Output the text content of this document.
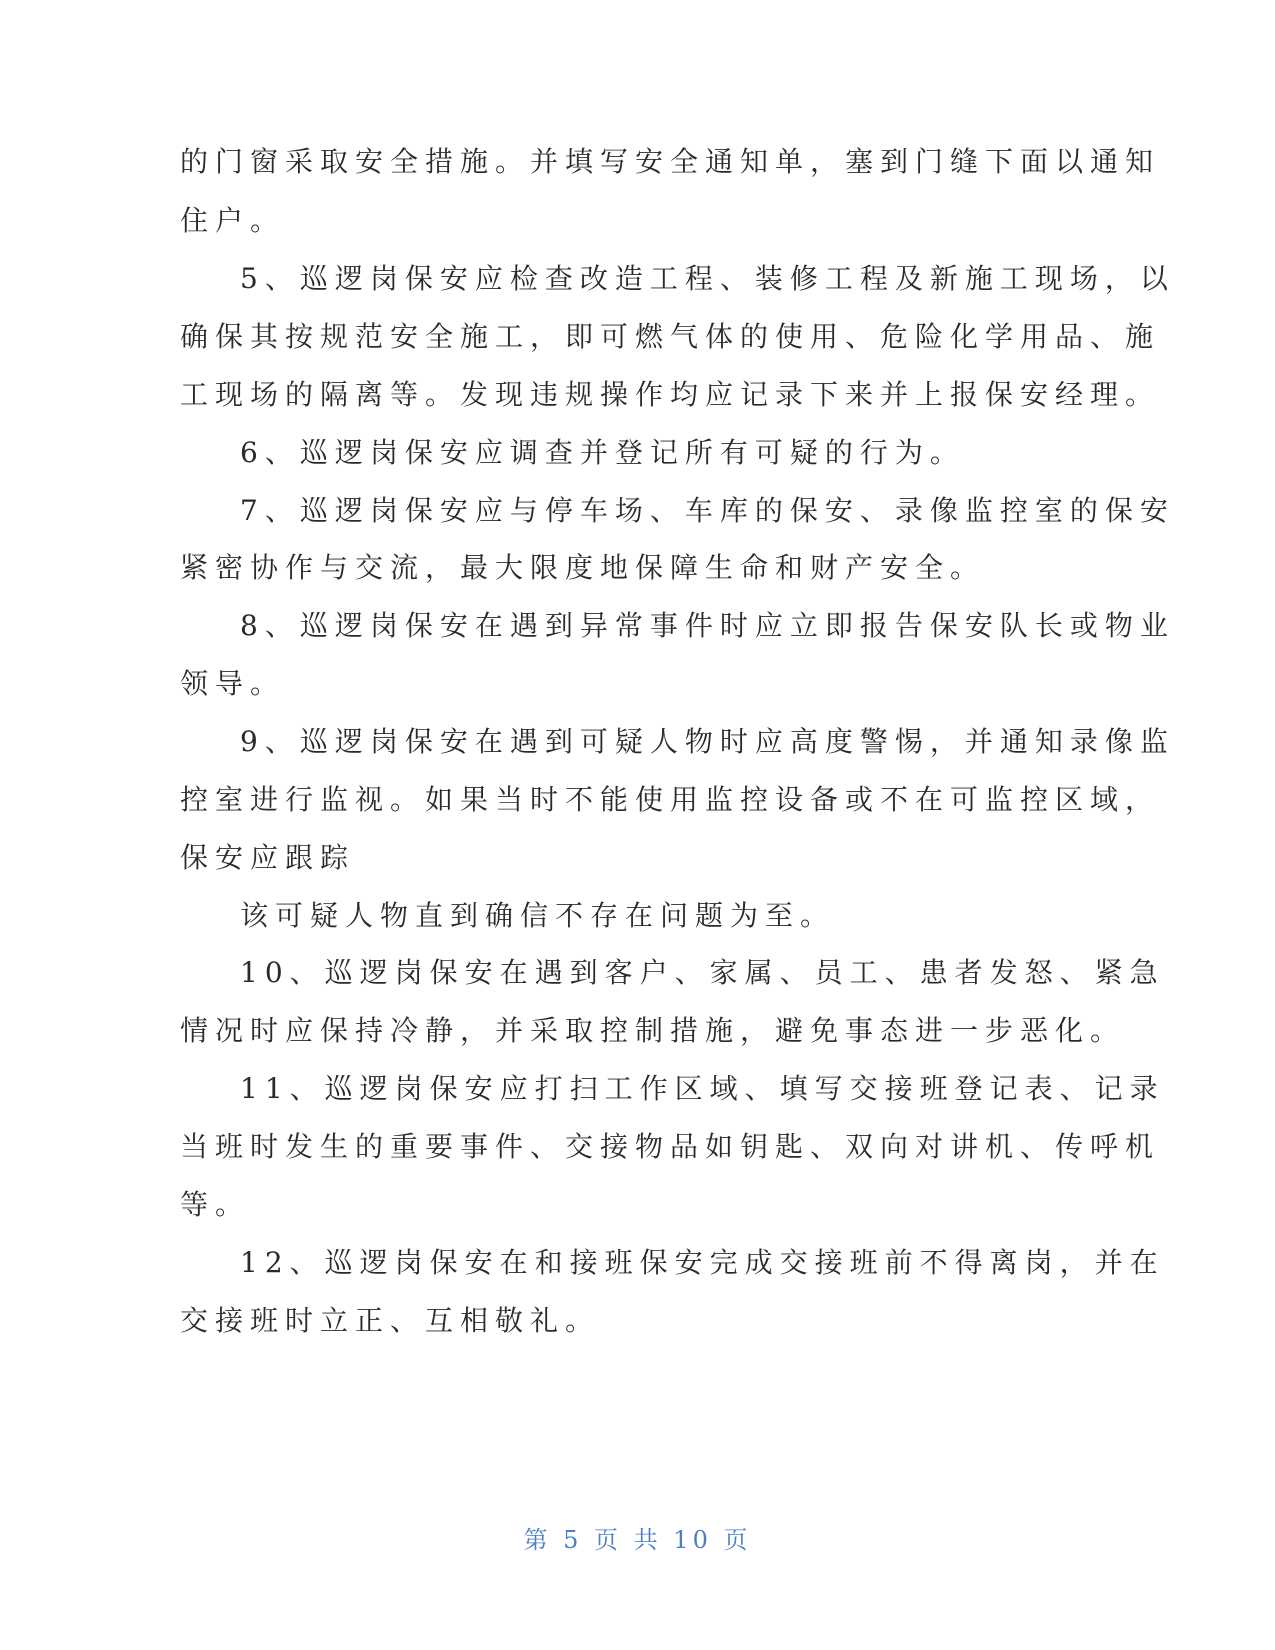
的门窗采取安全措施。并填写安全通知单，塞到门缝下面以通知
住户。
5、巡逻岗保安应检查改造工程、装修工程及新施工现场，以
确保其按规范安全施工，即可燃气体的使用、危险化学用品、施
工现场的隔离等。发现违规操作均应记录下来并上报保安经理。
6、巡逻岗保安应调查并登记所有可疑的行为。
7、巡逻岗保安应与停车场、车库的保安、录像监控室的保安
紧密协作与交流，最大限度地保障生命和财产安全。
8、巡逻岗保安在遇到异常事件时应立即报告保安队长或物业
领导。
9、巡逻岗保安在遇到可疑人物时应高度警惕，并通知录像监
控室进行监视。如果当时不能使用监控设备或不在可监控区域，
保安应跟踪
该可疑人物直到确信不存在问题为至。
10、巡逻岗保安在遇到客户、家属、员工、患者发怒、紧急
情况时应保持冷静，并采取控制措施，避免事态进一步恶化。
11、巡逻岗保安应打扫工作区域、填写交接班登记表、记录
当班时发生的重要事件、交接物品如钥匙、双向对讲机、传呼机
等。
12、巡逻岗保安在和接班保安完成交接班前不得离岗，并在
交接班时立正、互相敬礼。
第 5 页 共 10 页
